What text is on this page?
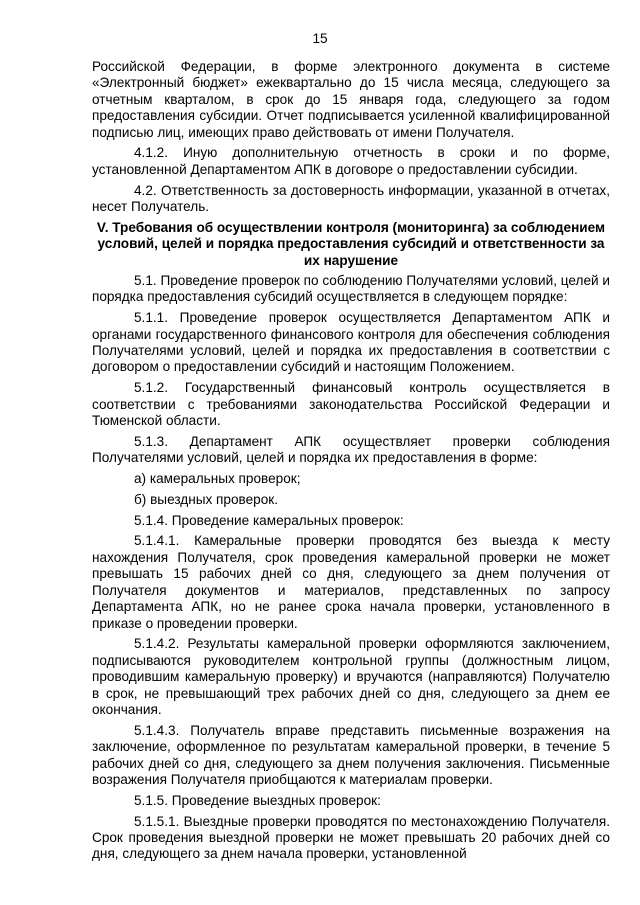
15

Российской Федерации, в форме электронного документа в системе «Электронный бюджет» ежеквартально до 15 числа месяца, следующего за отчетным кварталом, в срок до 15 января года, следующего за годом предоставления субсидии. Отчет подписывается усиленной квалифицированной подписью лиц, имеющих право действовать от имени Получателя.

4.1.2. Иную дополнительную отчетность в сроки и по форме, установленной Департаментом АПК в договоре о предоставлении субсидии.

4.2. Ответственность за достоверность информации, указанной в отчетах, несет Получатель.

V. Требования об осуществлении контроля (мониторинга) за соблюдением условий, целей и порядка предоставления субсидий и ответственности за их нарушение

5.1. Проведение проверок по соблюдению Получателями условий, целей и порядка предоставления субсидий осуществляется в следующем порядке:

5.1.1. Проведение проверок осуществляется Департаментом АПК и органами государственного финансового контроля для обеспечения соблюдения Получателями условий, целей и порядка их предоставления в соответствии с договором о предоставлении субсидий и настоящим Положением.

5.1.2. Государственный финансовый контроль осуществляется в соответствии с требованиями законодательства Российской Федерации и Тюменской области.

5.1.3. Департамент АПК осуществляет проверки соблюдения Получателями условий, целей и порядка их предоставления в форме:

а) камеральных проверок;

б) выездных проверок.

5.1.4. Проведение камеральных проверок:

5.1.4.1. Камеральные проверки проводятся без выезда к месту нахождения Получателя, срок проведения камеральной проверки не может превышать 15 рабочих дней со дня, следующего за днем получения от Получателя документов и материалов, представленных по запросу Департамента АПК, но не ранее срока начала проверки, установленного в приказе о проведении проверки.

5.1.4.2. Результаты камеральной проверки оформляются заключением, подписываются руководителем контрольной группы (должностным лицом, проводившим камеральную проверку) и вручаются (направляются) Получателю в срок, не превышающий трех рабочих дней со дня, следующего за днем ее окончания.

5.1.4.3. Получатель вправе представить письменные возражения на заключение, оформленное по результатам камеральной проверки, в течение 5 рабочих дней со дня, следующего за днем получения заключения. Письменные возражения Получателя приобщаются к материалам проверки.

5.1.5. Проведение выездных проверок:

5.1.5.1. Выездные проверки проводятся по местонахождению Получателя. Срок проведения выездной проверки не может превышать 20 рабочих дней со дня, следующего за днем начала проверки, установленной
